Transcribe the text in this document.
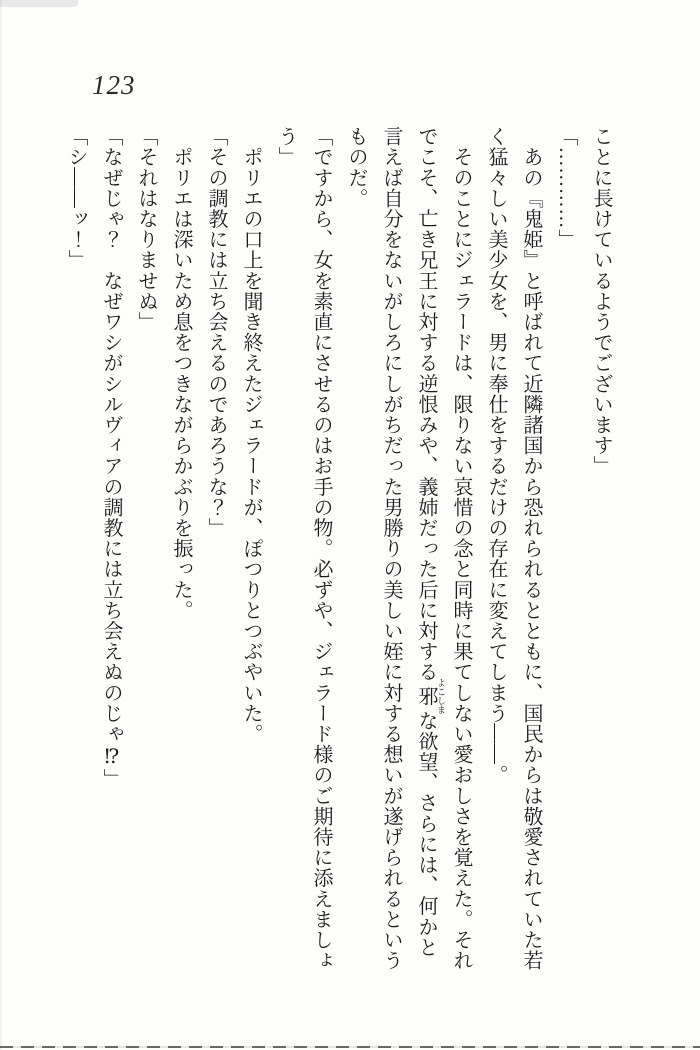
123

ことに長けているようでございます」

「…………」

　あの『鬼姫』と呼ばれて近隣諸国から恐れられるとともに、国民からは敬愛されていた若く猛々しい美少女を、男に奉仕をするだけの存在に変えてしまう――。

　そのことにジェラードは、限りない哀惜の念と同時に果てしない愛おしさを覚えた。それでこそ、亡き兄王に対する逆恨みや、義姉だった后に対する邪 よこしまな欲望、さらには、何かと言えば自分をないがしろにしがちだった男勝りの美しい姪に対する想いが遂げられるというものだ。

「ですから、女を素直にさせるのはお手の物。必ずや、ジェラード様のご期待に添えましょう」

　ポリエの口上を聞き終えたジェラードが、ぽつりとつぶやいた。

「その調教には立ち会えるのであろうな？」

　ポリエは深いため息をつきながらかぶりを振った。

「それはなりませぬ」

「なぜじゃ？　なぜワシがシルヴィアの調教には立ち会えぬのじゃ⁉」

「シ――ッ！」
